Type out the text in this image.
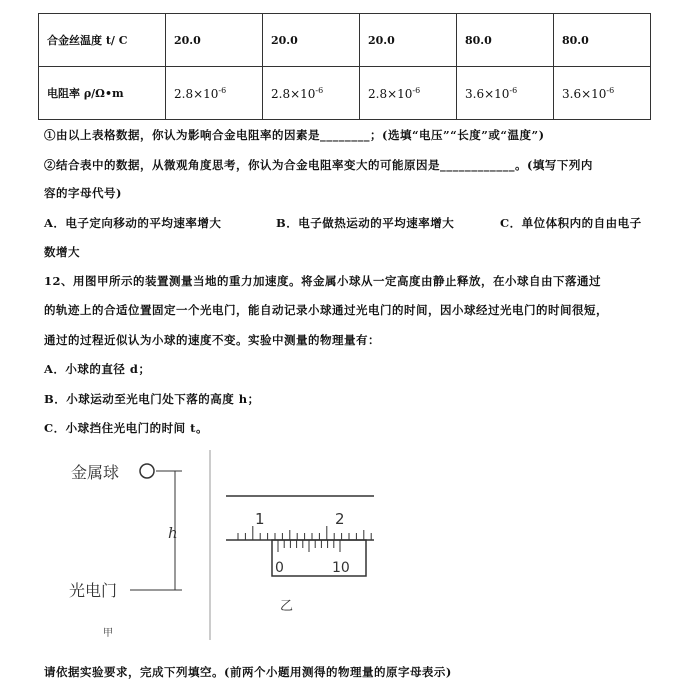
合金丝温度 t/ C	20.0	20.0	20.0	80.0	80.0
电阻率 ρ/Ω•m	$2.8\times 10^{-6}$	$2.8\times 10^{-6}$	$2.8\times 10^{-6}$	$3.6\times 10^{-6}$	$3.6\times 10^{-6}$
①由以上表格数据，你认为影响合金电阻率的因素是________；(选填“电压”“长度”或“温度”)
②结合表中的数据，从微观角度思考，你认为合金电阻率变大的可能原因是____________。(填写下列内
容的字母代号)
A．电子定向移动的平均速率增大	B．电子做热运动的平均速率增大	C．单位体积内的自由电子
数增大
12、用图甲所示的装置测量当地的重力加速度。将金属小球从一定高度由静止释放，在小球自由下落通过
的轨迹上的合适位置固定一个光电门，能自动记录小球通过光电门的时间，因小球经过光电门的时间很短，
通过的过程近似认为小球的速度不变。实验中测量的物理量有：
A．小球的直径 d；
B．小球运动至光电门处下落的高度 h；
C．小球挡住光电门的时间 t。
请依据实验要求，完成下列填空。(前两个小题用测得的物理量的原字母表示)
金属球
光电门
h
甲
1	2
0	10
乙
